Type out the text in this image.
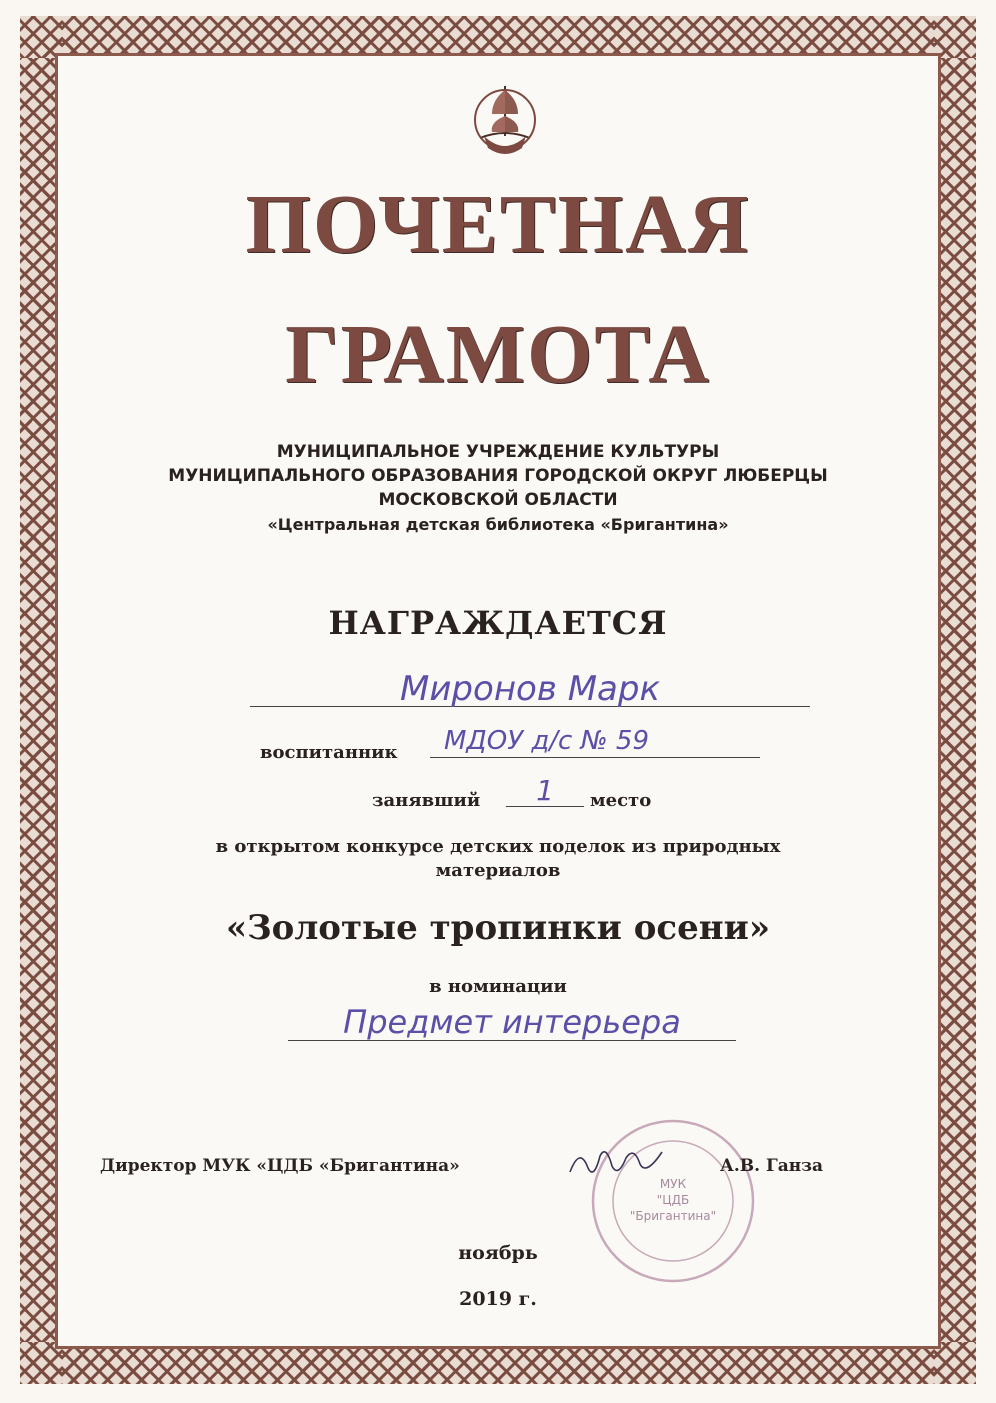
ПОЧЕТНАЯ
ГРАМОТА
МУНИЦИПАЛЬНОЕ УЧРЕЖДЕНИЕ КУЛЬТУРЫ
МУНИЦИПАЛЬНОГО ОБРАЗОВАНИЯ ГОРОДСКОЙ ОКРУГ ЛЮБЕРЦЫ
МОСКОВСКОЙ ОБЛАСТИ
«Центральная детская библиотека «Бригантина»
НАГРАЖДАЕТСЯ
Миронов Марк
воспитанник	МДОУ д/с № 59
занявший	1	место
в открытом конкурсе детских поделок из природных
материалов
«Золотые тропинки осени»
в номинации
Предмет интерьера
МУК
"ЦДБ
"Бригантина"
Директор МУК «ЦДБ «Бригантина»	А.В. Ганза
ноябрь
2019 г.
